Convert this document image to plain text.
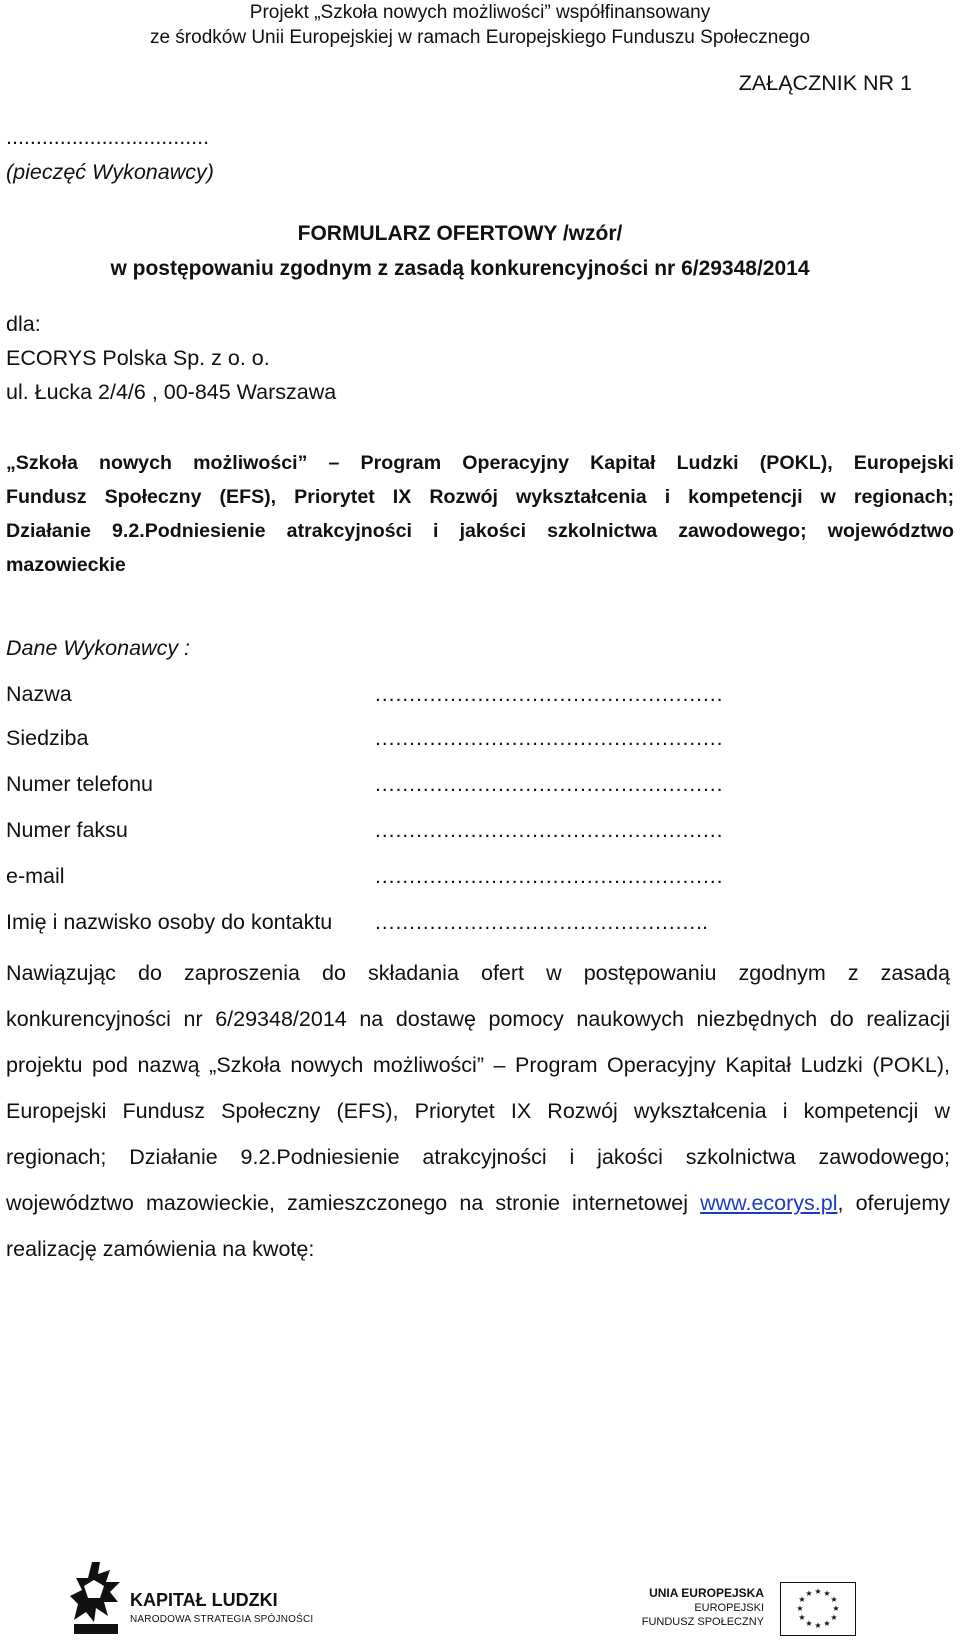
Projekt „Szkoła nowych możliwości” współfinansowany
ze środków Unii Europejskiej w ramach Europejskiego Funduszu Społecznego
ZAŁĄCZNIK NR 1
..................................
(pieczęć Wykonawcy)
FORMULARZ OFERTOWY /wzór/
w postępowaniu zgodnym z zasadą konkurencyjności nr 6/29348/2014
dla:
ECORYS Polska Sp. z o. o.
ul. Łucka 2/4/6 , 00-845 Warszawa
„Szkoła nowych możliwości” – Program Operacyjny Kapitał Ludzki (POKL), Europejski
Fundusz Społeczny (EFS), Priorytet IX Rozwój wykształcenia i kompetencji w regionach;
Działanie 9.2.Podniesienie atrakcyjności i jakości szkolnictwa zawodowego; województwo
mazowieckie
Dane Wykonawcy :
Nazwa	……………………………………………
Siedziba	……………………………………………
Numer telefonu	……………………………………………
Numer faksu	……………………………………………
e-mail	……………………………………………
Imię i nazwisko osoby do kontaktu ………………………………………….
Nawiązując do zaproszenia do składania ofert w postępowaniu zgodnym z zasadą konkurencyjności nr 6/29348/2014 na dostawę pomocy naukowych niezbędnych do realizacji projektu pod nazwą „Szkoła nowych możliwości” – Program Operacyjny Kapitał Ludzki (POKL), Europejski Fundusz Społeczny (EFS), Priorytet IX Rozwój wykształcenia i kompetencji w regionach; Działanie 9.2.Podniesienie atrakcyjności i jakości szkolnictwa zawodowego; województwo mazowieckie, zamieszczonego na stronie internetowej www.ecorys.pl, oferujemy realizację zamówienia na kwotę:
KAPITAŁ LUDZKI
NARODOWA STRATEGIA SPÓJNOŚCI
UNIA EUROPEJSKA
EUROPEJSKI
FUNDUSZ SPOŁECZNY
★ ★
★
★
★
★
★
★
★
★
★
★
